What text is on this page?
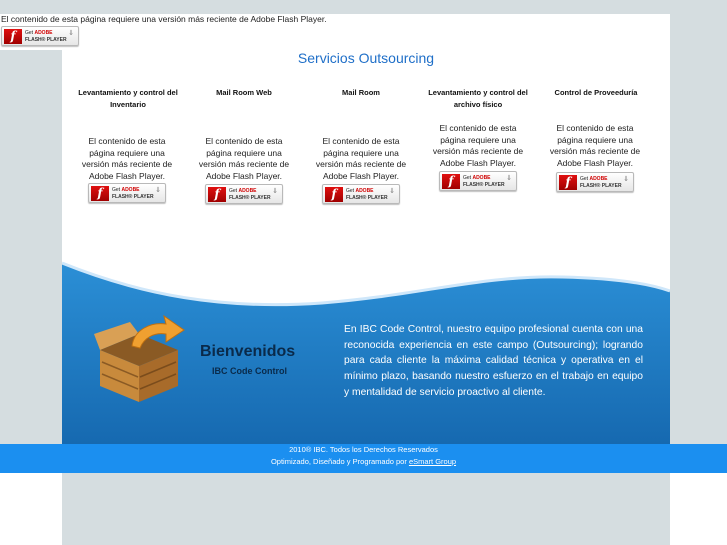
El contenido de esta página requiere una versión más reciente de Adobe Flash Player.
f	Get ADOBE
FLASH® PLAYER
⇓
Servicios Outsourcing
Levantamiento y control del Inventario
El contenido de esta página requiere una versión más reciente de Adobe Flash Player.
f	Get ADOBE
FLASH® PLAYER
⇓
Mail Room Web
El contenido de esta página requiere una versión más reciente de Adobe Flash Player.
f	Get ADOBE
FLASH® PLAYER
⇓
Mail Room
El contenido de esta página requiere una versión más reciente de Adobe Flash Player.
f	Get ADOBE
FLASH® PLAYER
⇓
Levantamiento y control del archivo físico
El contenido de esta página requiere una versión más reciente de Adobe Flash Player.
f	Get ADOBE
FLASH® PLAYER
⇓
Control de Proveeduría
El contenido de esta página requiere una versión más reciente de Adobe Flash Player.
f	Get ADOBE
FLASH® PLAYER
⇓
Bienvenidos
IBC Code Control
En IBC Code Control, nuestro equipo profesional cuenta con una reconocida experiencia en este campo (Outsourcing); logrando para cada cliente la máxima calidad técnica y operativa en el mínimo plazo, basando nuestro esfuerzo en el trabajo en equipo y mentalidad de servicio proactivo al cliente.
2010® IBC. Todos los Derechos Reservados
Optimizado, Diseñado y Programado por eSmart Group
